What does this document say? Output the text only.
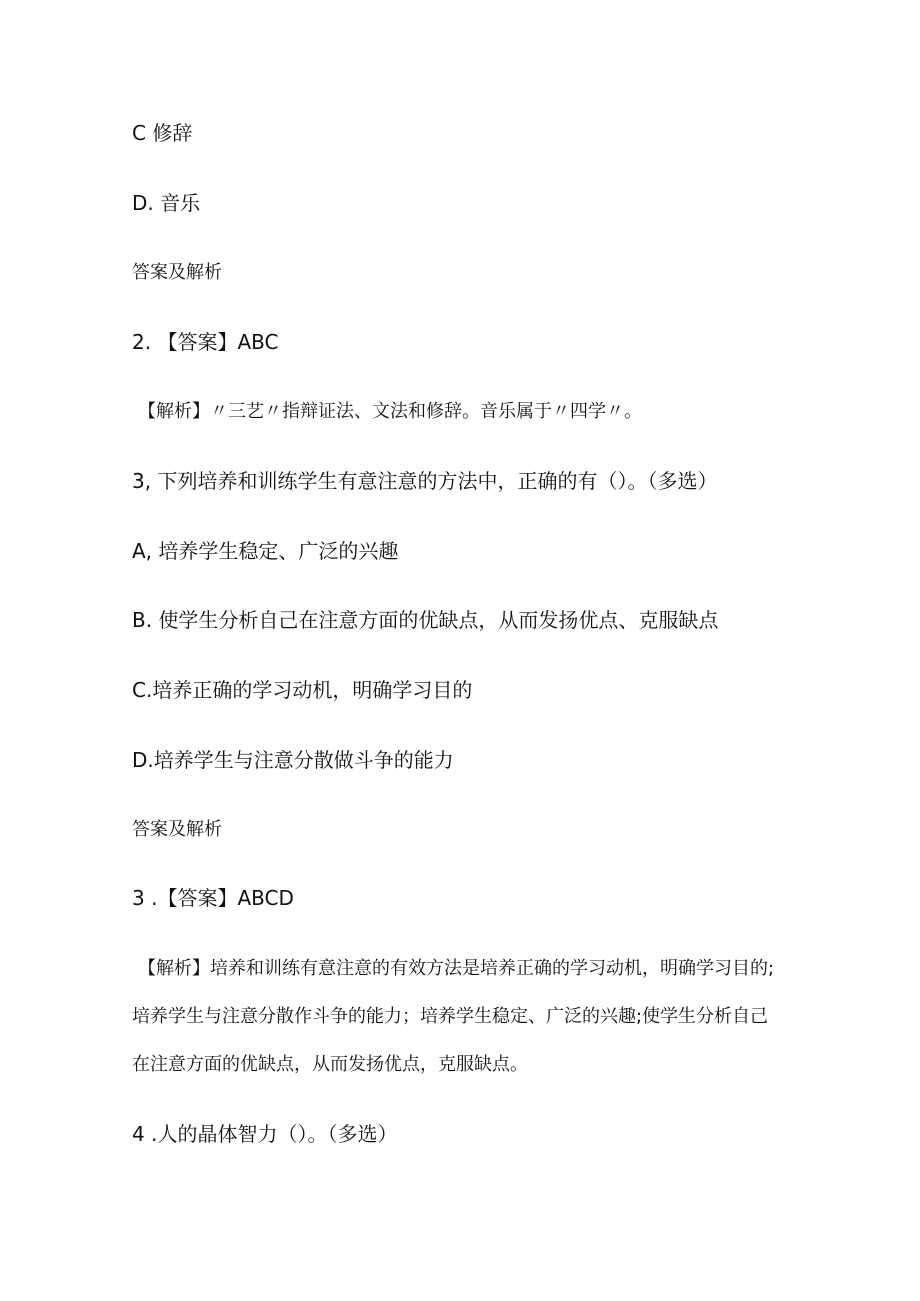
C 修辞
D. 音乐
答案及解析
2. 【答案】ABC
【解析】〃三艺〃指辩证法、文法和修辞。音乐属于〃四学〃。
3, 下列培养和训练学生有意注意的方法中，正确的有（）。（多选）
A, 培养学生稳定、广泛的兴趣
B. 使学生分析自己在注意方面的优缺点，从而发扬优点、克服缺点
C.培养正确的学习动机，明确学习目的
D.培养学生与注意分散做斗争的能力
答案及解析
3 .【答案】ABCD
【解析】培养和训练有意注意的有效方法是培养正确的学习动机，明确学习目的;
培养学生与注意分散作斗争的能力；培养学生稳定、广泛的兴趣;使学生分析自己
在注意方面的优缺点，从而发扬优点，克服缺点。
4 .人的晶体智力（）。（多选）
